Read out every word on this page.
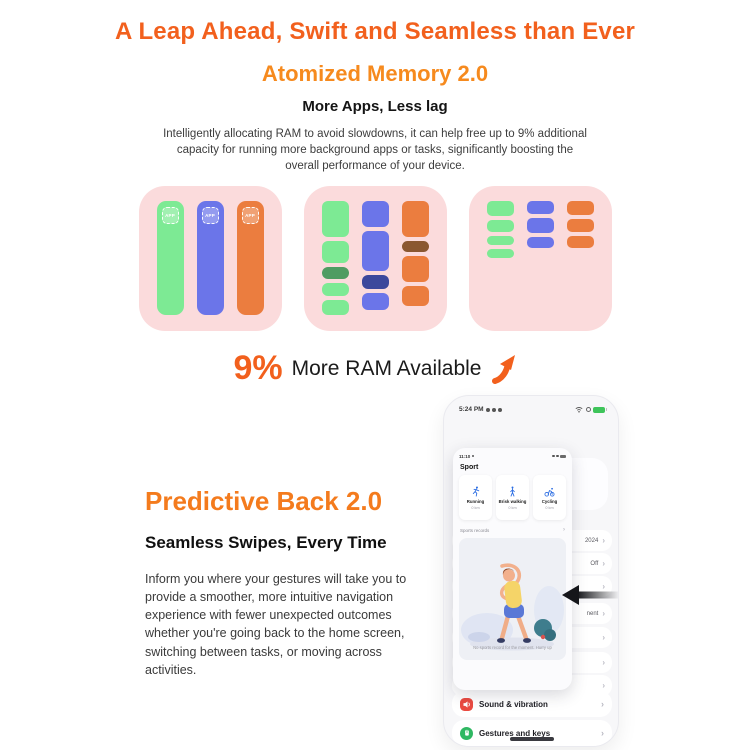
A Leap Ahead, Swift and Seamless than Ever
Atomized Memory 2.0
More Apps, Less lag
Intelligently allocating RAM to avoid slowdowns, it can help free up to 9% additional capacity for running more background apps or tasks, significantly boosting the overall performance of your device.
APP	APP	APP
9% More RAM Available
Predictive Back 2.0
Seamless Swipes, Every Time
Inform you where your gestures will take you to provide a smoother, more intuitive navigation experience with fewer unexpected outcomes whether you're going back to the home screen, switching between tasks, or moving across activities.
5:24 PM
2024 ›
Off ›
›
nent ›
›
›
›
Sound & vibration	›
Gestures and keys	›
11:10
Sport
Running
0 km
Brisk walking
0 km
Cycling
0 km
Sports records	›
No sports record for the moment. Hurry up
